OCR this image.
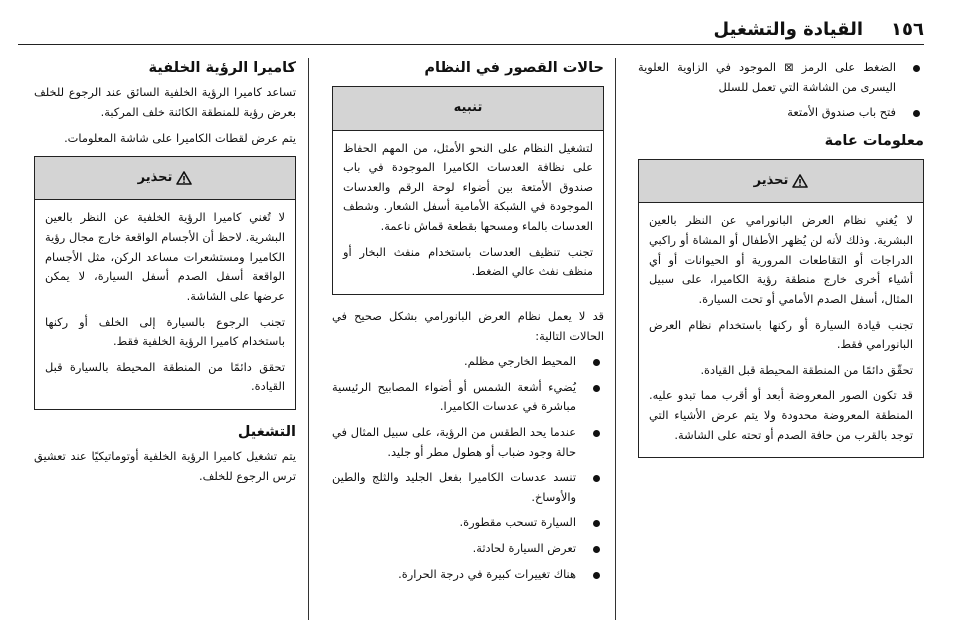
١٥٦
القيادة والتشغيل
الضغط على الرمز ⊠ الموجود في الزاوية العلوية اليسرى من الشاشة التي تعمل للسلل
فتح باب صندوق الأمتعة
معلومات عامة
تحذير

لا يُغني نظام العرض البانورامي عن النظر بالعين البشرية. وذلك لأنه لن يُظهر الأطفال أو المشاة أو راكبي الدراجات أو التقاطعات المرورية أو الحيوانات أو أي أشياء أخرى خارج منطقة رؤية الكاميرا، على سبيل المثال، أسفل الصدم الأمامي أو تحت السيارة.

تجنب قيادة السيارة أو ركنها باستخدام نظام العرض البانورامي فقط.

تحقّق دائمًا من المنطقة المحيطة قبل القيادة.

قد تكون الصور المعروضة أبعد أو أقرب مما تبدو عليه. المنطقة المعروضة محدودة ولا يتم عرض الأشياء التي توجد بالقرب من حافة الصدم أو تحته على الشاشة.

حالات القصور في النظام
تنبيه

لتشغيل النظام على النحو الأمثل، من المهم الحفاظ على نظافة العدسات الكاميرا الموجودة في باب صندوق الأمتعة بين أضواء لوحة الرقم والعدسات الموجودة في الشبكة الأمامية أسفل الشعار. وشطف العدسات بالماء ومسحها بقطعة قماش ناعمة.

تجنب تنظيف العدسات باستخدام منفث البخار أو منظف نفث عالي الضغط.

قد لا يعمل نظام العرض البانورامي بشكل صحيح في الحالات التالية:

المحيط الخارجي مظلم.
يُضيء أشعة الشمس أو أضواء المصابيح الرئيسية مباشرة في عدسات الكاميرا.
عندما يحد الطقس من الرؤية، على سبيل المثال في حالة وجود ضباب أو هطول مطر أو جليد.
تنسد عدسات الكاميرا بفعل الجليد والثلج والطين والأوساخ.
السيارة تسحب مقطورة.
تعرض السيارة لحادثة.
هناك تغييرات كبيرة في درجة الحرارة.
كاميرا الرؤية الخلفية

تساعد كاميرا الرؤية الخلفية السائق عند الرجوع للخلف بعرض رؤية للمنطقة الكائنة خلف المركبة.

يتم عرض لقطات الكاميرا على شاشة المعلومات.

تحذير

لا تُغني كاميرا الرؤية الخلفية عن النظر بالعين البشرية. لاحظ أن الأجسام الواقعة خارج مجال رؤية الكاميرا ومستشعرات مساعد الركن، مثل الأجسام الواقعة أسفل الصدم أسفل السيارة، لا يمكن عرضها على الشاشة.

تجنب الرجوع بالسيارة إلى الخلف أو ركنها باستخدام كاميرا الرؤية الخلفية فقط.

تحقق دائمًا من المنطقة المحيطة بالسيارة قبل القيادة.

التشغيل

يتم تشغيل كاميرا الرؤية الخلفية أوتوماتيكيًا عند تعشيق ترس الرجوع للخلف.
